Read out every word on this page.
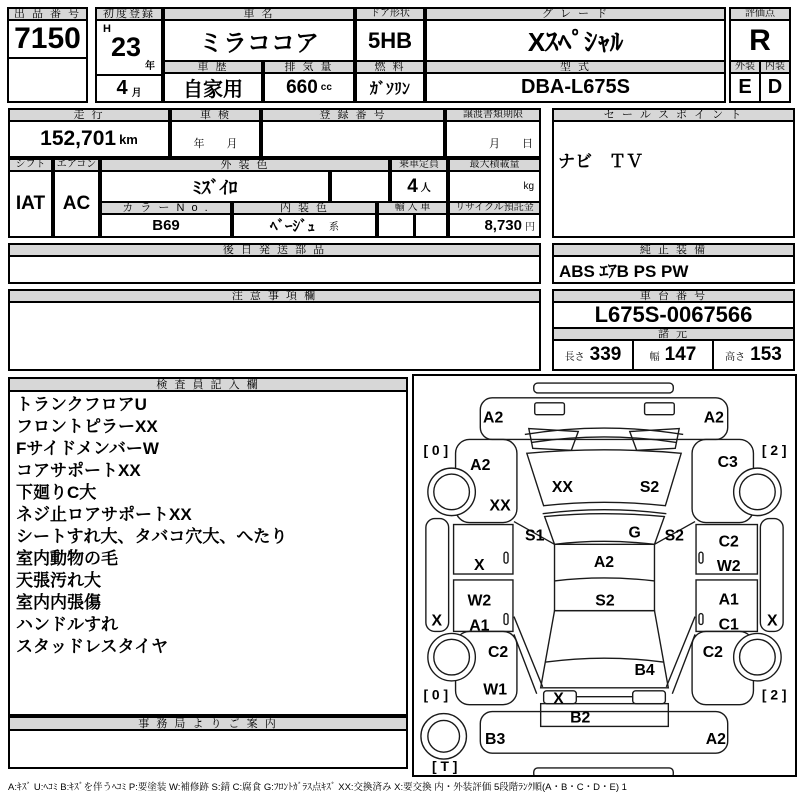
出 品 番 号
7150
初度登録
H
23
年
4 月
車 名
ミラココア
車 歴
自家用
排 気 量
660 cc
ドア形状
5HB
燃 料
ｶﾞｿﾘﾝ
グ レ ー ド
Xｽﾍﾟｼｬﾙ
型 式
DBA-L675S
評価点
R
外装	内装
E D
走 行
152,701 km
車 検
年　　月
登 録 番 号	譲渡書類期限
月　　日
セ ー ル ス ポ イ ン ト
ナビ　ＴＶ
シフト
IAT
エアコン
AC
外 装 色
ﾐｽﾞｲﾛ
乗車定員
4 人
最大積載量
kg
カ ラ ー N o .
B69
内 装 色
ﾍﾞｰｼﾞｭ 系
輸 入 車	リサイクル預託金
8,730 円
後 日 発 送 部 品	純 正 装 備
ABS ｴｱB PS PW
注 意 事 項 欄	車 台 番 号
L675S-0067566
諸 元
長さ 339	幅 147	高さ 153
検 査 員 記 入 欄
トランクフロアU
フロントピラーXX
FサイドメンバーW
コアサポートXX
下廻りC大
ネジ止ロアサポートXX
シートすれ大、タバコ穴大、へたり
室内動物の毛
天張汚れ大
室内内張傷
ハンドルすれ
スタッドレスタイヤ
事 務 局 よ り ご 案 内
A2	A2
[ 0 ]	[ 2 ]
A2	C3
XX	S2
XX
S1	G S2 C2
A2
X	W2
S2
W2	A1
A1	C1
X	X
C2	C2
B4
W1
[ 0 ]	[ 2 ]
X
B2
B3	A2
[ T ]
A:ｷｽﾞ U:ﾍｺﾐ B:ｷｽﾞを伴うﾍｺﾐ P:要塗装 W:補修跡 S:錆 C:腐食 G:ﾌﾛﾝﾄｶﾞﾗｽ点ｷｽﾞ XX:交換済み X:要交換 内・外装評価 5段階ﾗﾝｸ順(A・B・C・D・E) 1
